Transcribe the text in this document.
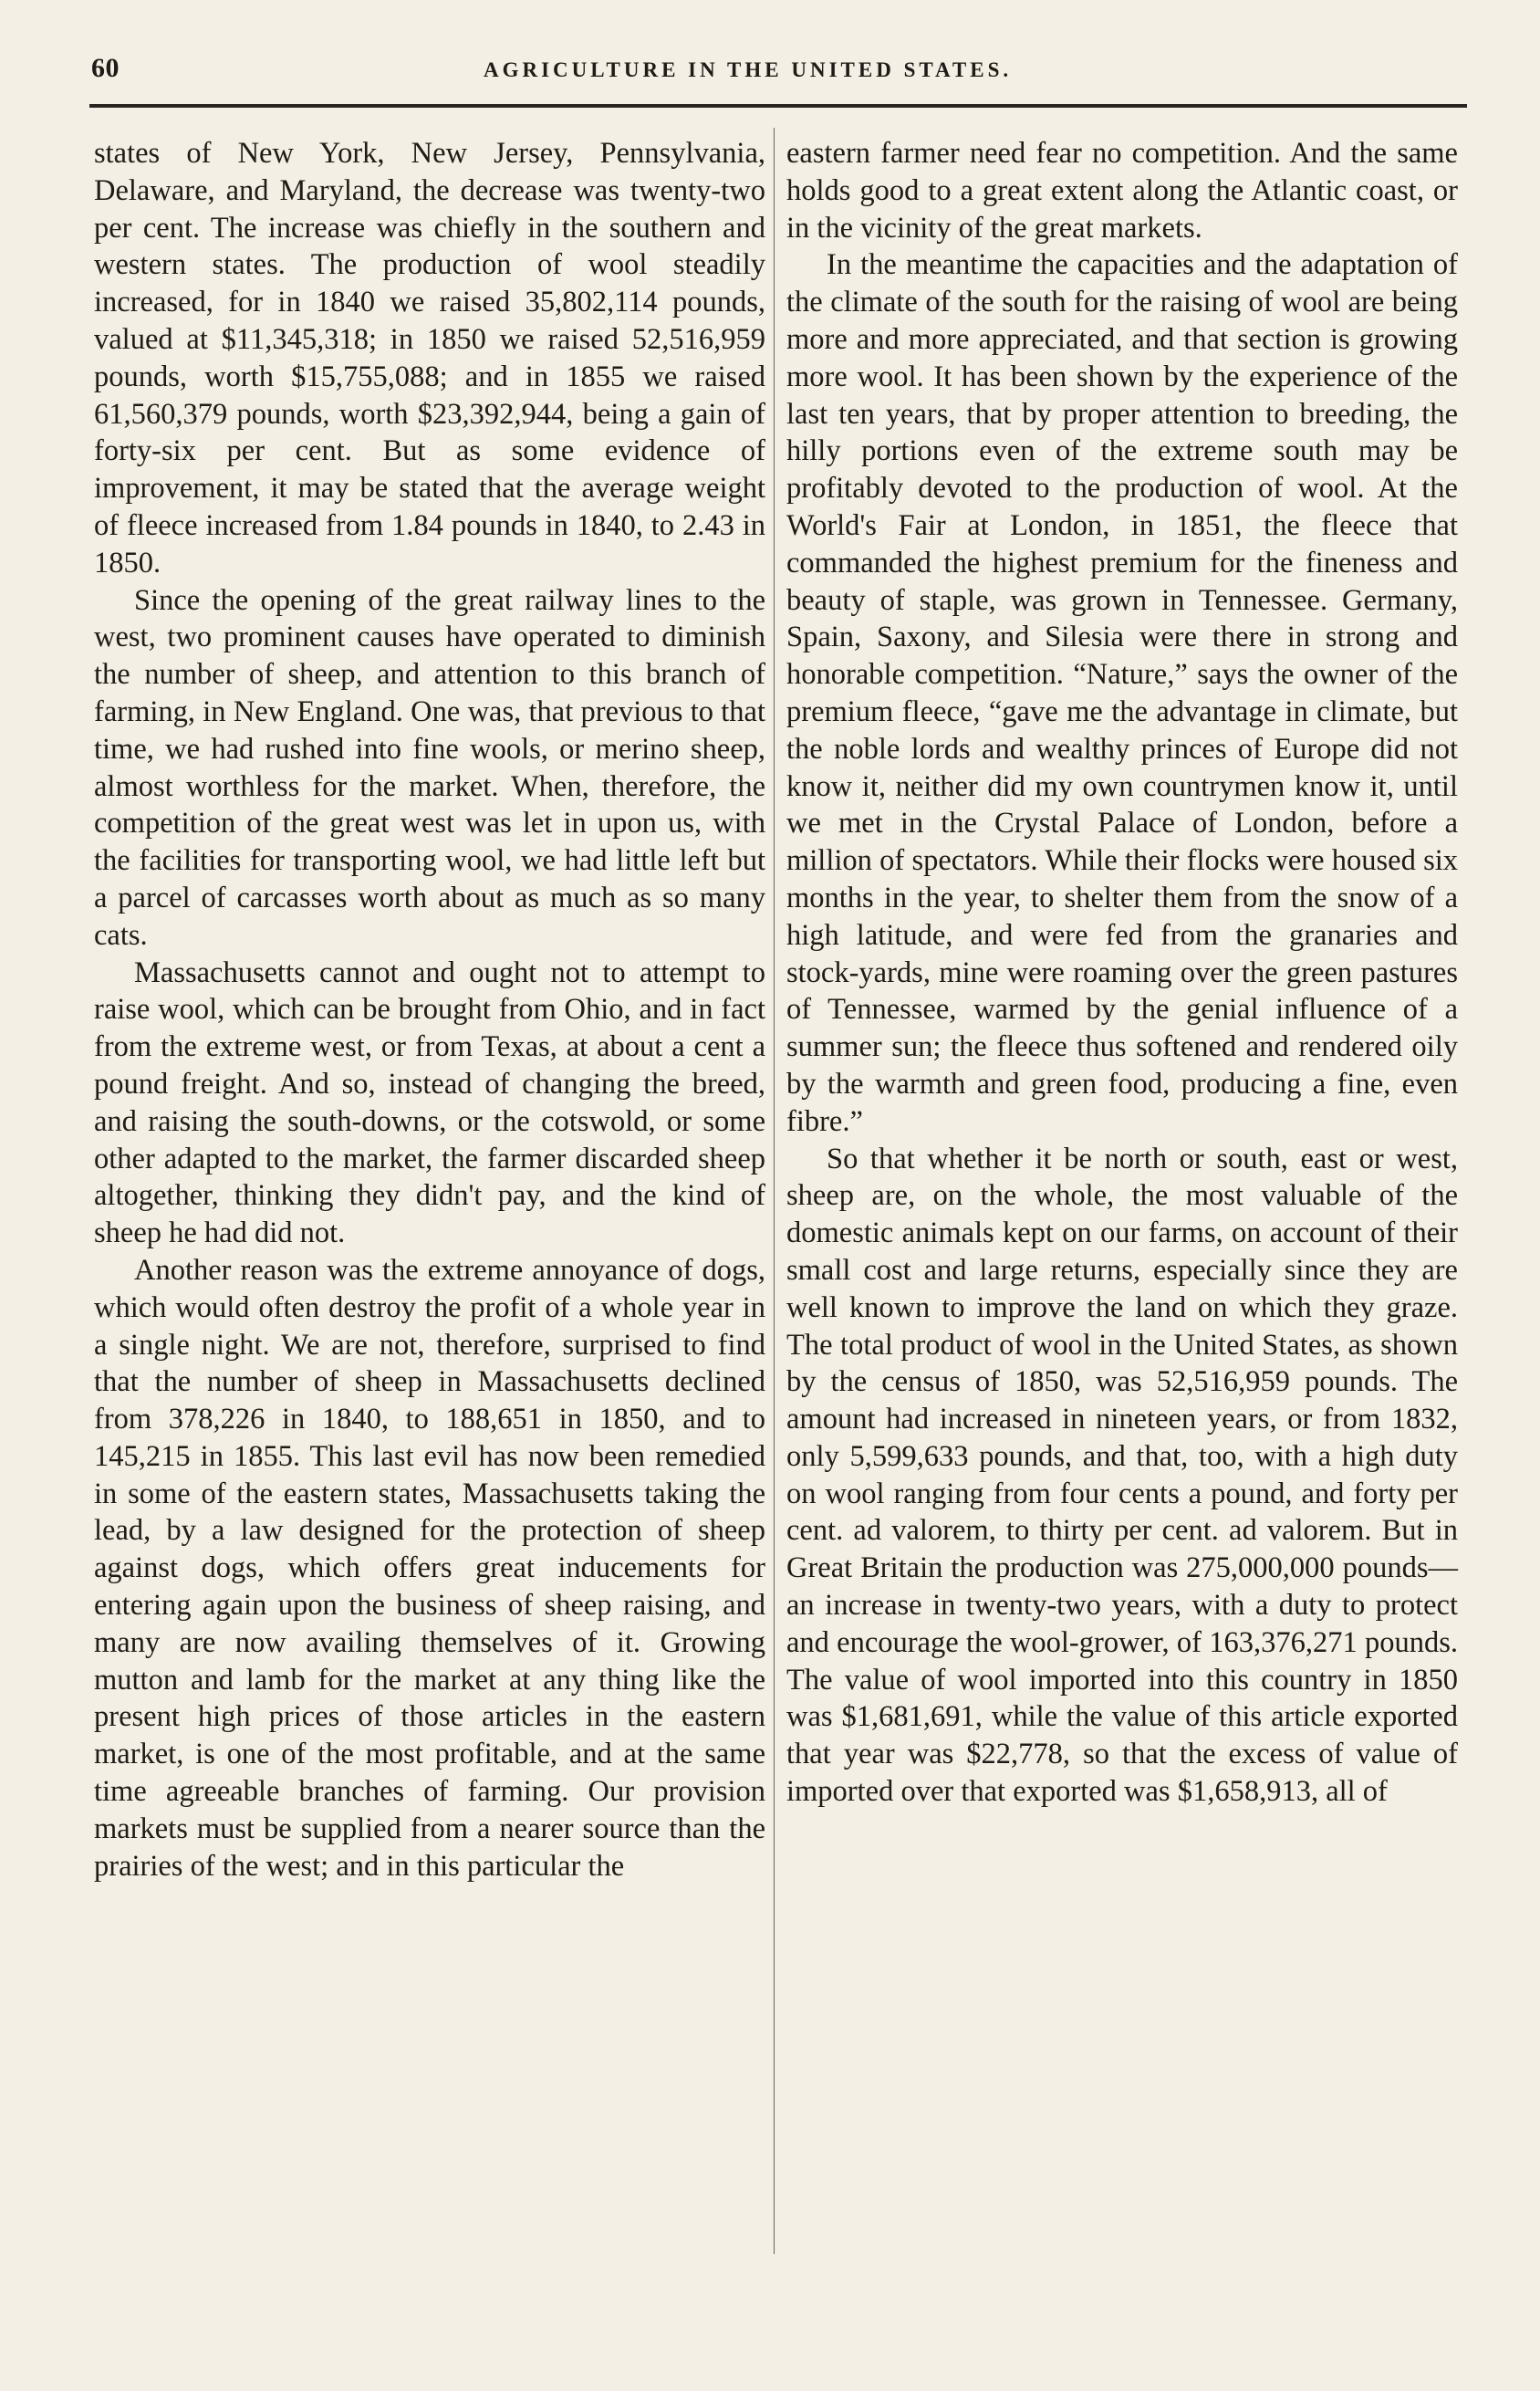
60	AGRICULTURE IN THE UNITED STATES.

states of New York, New Jersey, Pennsylvania, Delaware, and Maryland, the decrease was twenty-two per cent. The increase was chiefly in the southern and western states. The production of wool steadily increased, for in 1840 we raised 35,802,114 pounds, valued at $11,345,318; in 1850 we raised 52,516,959 pounds, worth $15,755,088; and in 1855 we raised 61,560,379 pounds, worth $23,392,944, being a gain of forty-six per cent. But as some evidence of improvement, it may be stated that the average weight of fleece increased from 1.84 pounds in 1840, to 2.43 in 1850.

Since the opening of the great railway lines to the west, two prominent causes have operated to diminish the number of sheep, and attention to this branch of farming, in New England. One was, that previous to that time, we had rushed into fine wools, or merino sheep, almost worthless for the market. When, therefore, the competition of the great west was let in upon us, with the facilities for transporting wool, we had little left but a parcel of carcasses worth about as much as so many cats.

Massachusetts cannot and ought not to attempt to raise wool, which can be brought from Ohio, and in fact from the extreme west, or from Texas, at about a cent a pound freight. And so, instead of changing the breed, and raising the south-downs, or the cotswold, or some other adapted to the market, the farmer discarded sheep altogether, thinking they didn't pay, and the kind of sheep he had did not.

Another reason was the extreme annoyance of dogs, which would often destroy the profit of a whole year in a single night. We are not, therefore, surprised to find that the number of sheep in Massachusetts declined from 378,226 in 1840, to 188,651 in 1850, and to 145,215 in 1855. This last evil has now been remedied in some of the eastern states, Massachusetts taking the lead, by a law designed for the protection of sheep against dogs, which offers great inducements for entering again upon the business of sheep raising, and many are now availing themselves of it. Growing mutton and lamb for the market at any thing like the present high prices of those articles in the eastern market, is one of the most profitable, and at the same time agreeable branches of farming. Our provision markets must be supplied from a nearer source than the prairies of the west; and in this particular the

eastern farmer need fear no competition. And the same holds good to a great extent along the Atlantic coast, or in the vicinity of the great markets.

In the meantime the capacities and the adaptation of the climate of the south for the raising of wool are being more and more appreciated, and that section is growing more wool. It has been shown by the experience of the last ten years, that by proper attention to breeding, the hilly portions even of the extreme south may be profitably devoted to the production of wool. At the World's Fair at London, in 1851, the fleece that commanded the highest premium for the fineness and beauty of staple, was grown in Tennessee. Germany, Spain, Saxony, and Silesia were there in strong and honorable competition. “Nature,” says the owner of the premium fleece, “gave me the advantage in climate, but the noble lords and wealthy princes of Europe did not know it, neither did my own countrymen know it, until we met in the Crystal Palace of London, before a million of spectators. While their flocks were housed six months in the year, to shelter them from the snow of a high latitude, and were fed from the granaries and stock-yards, mine were roaming over the green pastures of Tennessee, warmed by the genial influence of a summer sun; the fleece thus softened and rendered oily by the warmth and green food, producing a fine, even fibre.”

So that whether it be north or south, east or west, sheep are, on the whole, the most valuable of the domestic animals kept on our farms, on account of their small cost and large returns, especially since they are well known to improve the land on which they graze. The total product of wool in the United States, as shown by the census of 1850, was 52,516,959 pounds. The amount had increased in nineteen years, or from 1832, only 5,599,633 pounds, and that, too, with a high duty on wool ranging from four cents a pound, and forty per cent. ad valorem, to thirty per cent. ad valorem. But in Great Britain the production was 275,000,000 pounds—an increase in twenty-two years, with a duty to protect and encourage the wool-grower, of 163,376,271 pounds. The value of wool imported into this country in 1850 was $1,681,691, while the value of this article exported that year was $22,778, so that the excess of value of imported over that exported was $1,658,913, all of
